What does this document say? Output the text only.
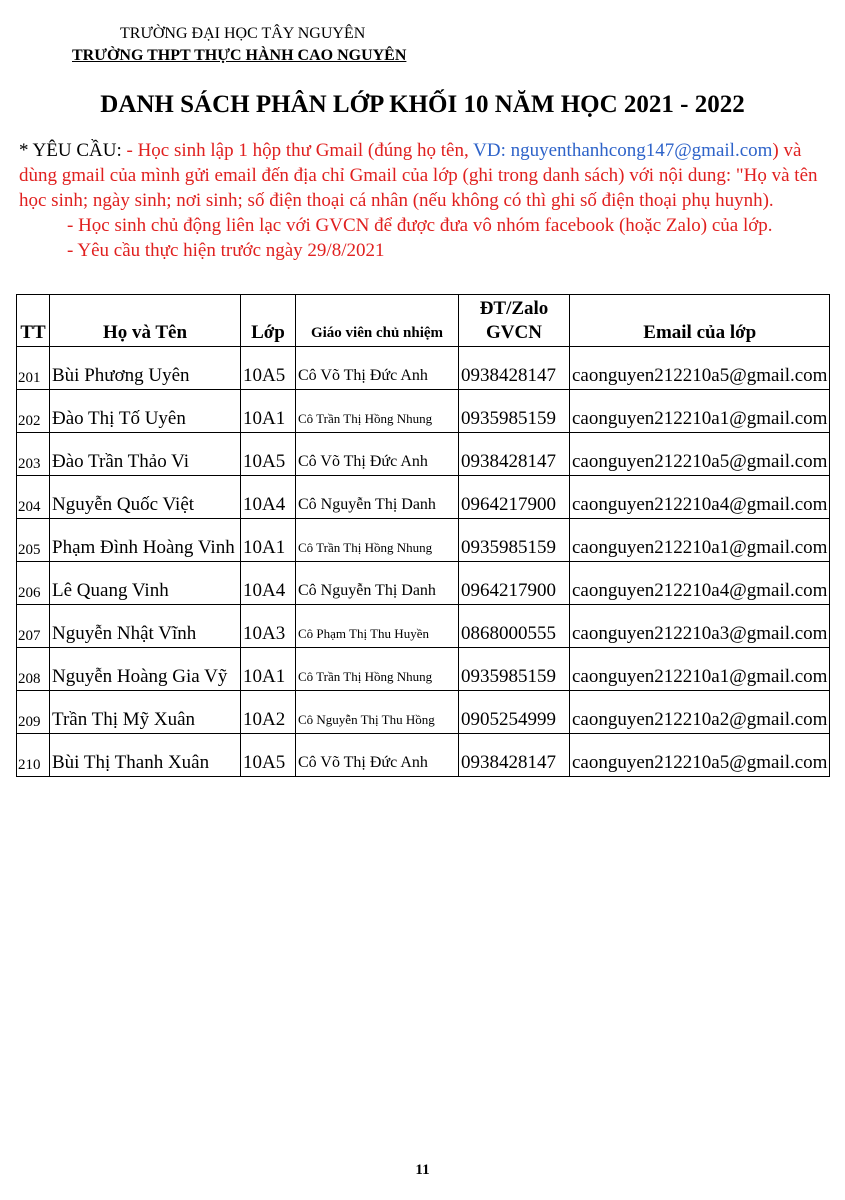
TRƯỜNG ĐẠI HỌC TÂY NGUYÊN
TRƯỜNG THPT THỰC HÀNH CAO NGUYÊN
DANH SÁCH PHÂN LỚP KHỐI 10 NĂM HỌC 2021 - 2022
* YÊU CẦU: - Học sinh lập 1 hộp thư Gmail (đúng họ tên, VD: nguyenthanhcong147@gmail.com) và dùng gmail của mình gửi email đến địa chỉ Gmail của lớp (ghi trong danh sách) với nội dung: "Họ và tên học sinh; ngày sinh; nơi sinh; số điện thoại cá nhân (nếu không có thì ghi số điện thoại phụ huynh).
- Học sinh chủ động liên lạc với GVCN để được đưa vô nhóm facebook (hoặc Zalo) của lớp.
- Yêu cầu thực hiện trước ngày 29/8/2021
TT	Họ và Tên	Lớp	Giáo viên chủ nhiệm	ĐT/Zalo GVCN	Email của lớp
201	Bùi Phương Uyên	10A5	Cô Võ Thị Đức Anh	0938428147	caonguyen212210a5@gmail.com
202	Đào Thị Tố Uyên	10A1	Cô Trần Thị Hồng Nhung	0935985159	caonguyen212210a1@gmail.com
203	Đào Trần Thảo Vi	10A5	Cô Võ Thị Đức Anh	0938428147	caonguyen212210a5@gmail.com
204	Nguyễn Quốc Việt	10A4	Cô Nguyễn Thị Danh	0964217900	caonguyen212210a4@gmail.com
205	Phạm Đình Hoàng Vinh	10A1	Cô Trần Thị Hồng Nhung	0935985159	caonguyen212210a1@gmail.com
206	Lê Quang Vinh	10A4	Cô Nguyễn Thị Danh	0964217900	caonguyen212210a4@gmail.com
207	Nguyễn Nhật Vĩnh	10A3	Cô Phạm Thị Thu Huyền	0868000555	caonguyen212210a3@gmail.com
208	Nguyễn Hoàng Gia Vỹ	10A1	Cô Trần Thị Hồng Nhung	0935985159	caonguyen212210a1@gmail.com
209	Trần Thị Mỹ Xuân	10A2	Cô Nguyễn Thị Thu Hồng	0905254999	caonguyen212210a2@gmail.com
210	Bùi Thị Thanh Xuân	10A5	Cô Võ Thị Đức Anh	0938428147	caonguyen212210a5@gmail.com
11
